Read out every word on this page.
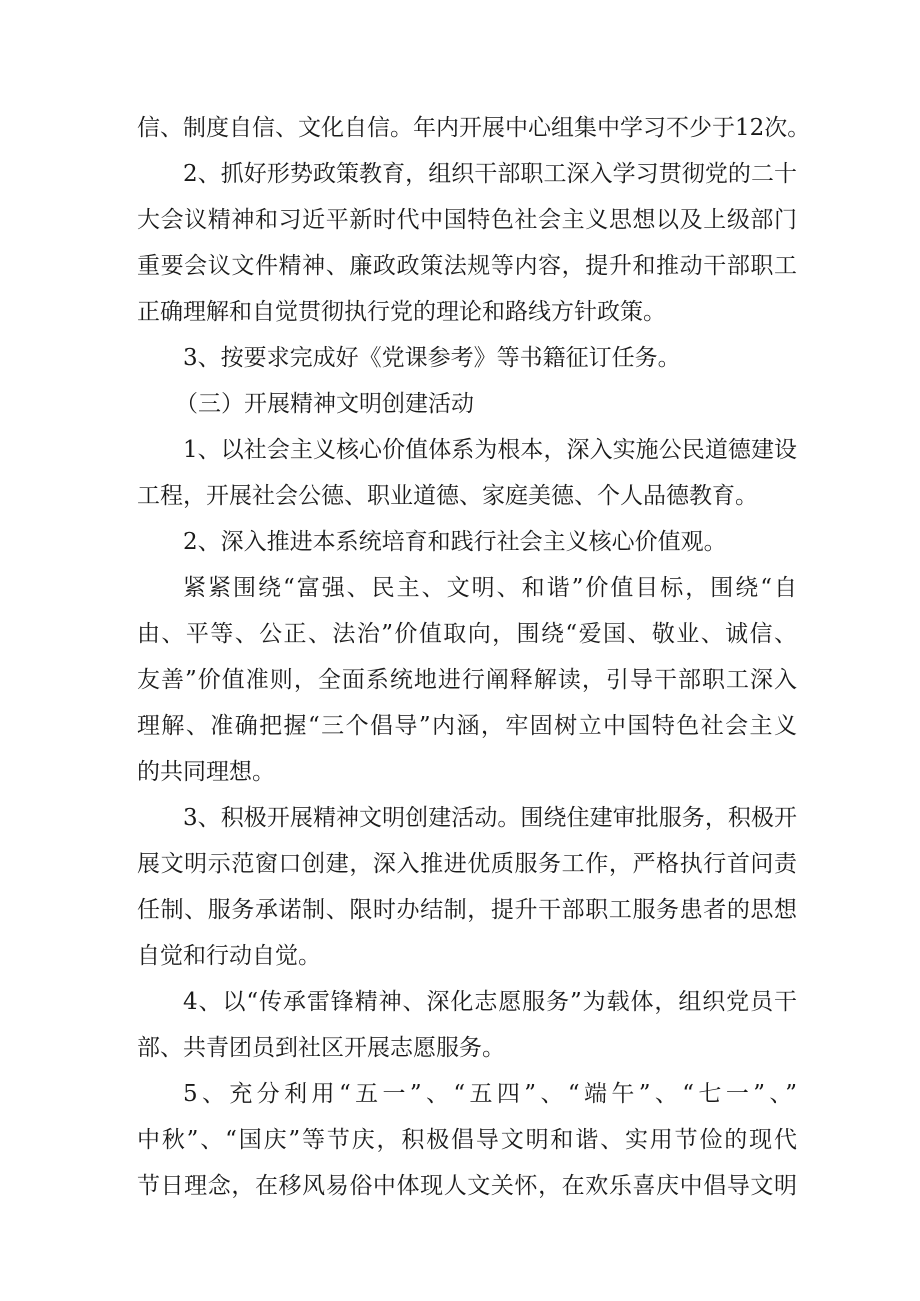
信、制度自信、文化自信。年内开展中心组集中学习不少于12次。
2、抓好形势政策教育，组织干部职工深入学习贯彻党的二十
大会议精神和习近平新时代中国特色社会主义思想以及上级部门
重要会议文件精神、廉政政策法规等内容，提升和推动干部职工
正确理解和自觉贯彻执行党的理论和路线方针政策。
3、按要求完成好《党课参考》等书籍征订任务。
（三）开展精神文明创建活动
1、以社会主义核心价值体系为根本，深入实施公民道德建设
工程，开展社会公德、职业道德、家庭美德、个人品德教育。
2、深入推进本系统培育和践行社会主义核心价值观。
紧紧围绕“富强、民主、文明、和谐”价值目标，围绕“自
由、平等、公正、法治”价值取向，围绕“爱国、敬业、诚信、
友善”价值准则，全面系统地进行阐释解读，引导干部职工深入
理解、准确把握“三个倡导”内涵，牢固树立中国特色社会主义
的共同理想。
3、积极开展精神文明创建活动。围绕住建审批服务，积极开
展文明示范窗口创建，深入推进优质服务工作，严格执行首问责
任制、服务承诺制、限时办结制，提升干部职工服务患者的思想
自觉和行动自觉。
4、以“传承雷锋精神、深化志愿服务”为载体，组织党员干
部、共青团员到社区开展志愿服务。
5、充分利用“五一”、“五四”、“端午”、“七一”、”
中秋”、“国庆”等节庆，积极倡导文明和谐、实用节俭的现代
节日理念，在移风易俗中体现人文关怀，在欢乐喜庆中倡导文明
